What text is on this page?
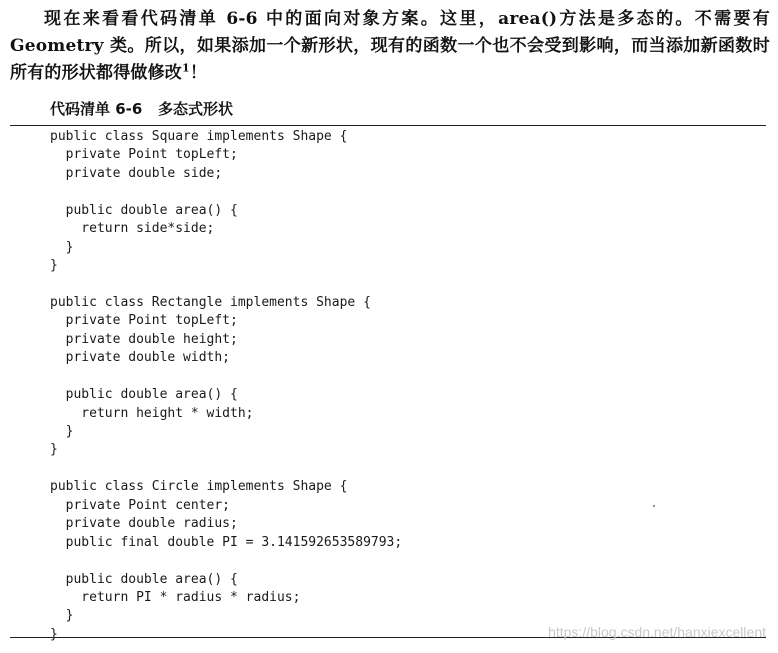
现在来看看代码清单 6-6 中的面向对象方案。这里，area()方法是多态的。不需要有 Geometry 类。所以，如果添加一个新形状，现有的函数一个也不会受到影响，而当添加新函数时所有的形状都得做修改$^1$！

代码清单 6-6   多态式形状
public class Square implements Shape {
private Point topLeft;
private double side;

public double area() {
return side*side;
}
}

public class Rectangle implements Shape {
private Point topLeft;
private double height;
private double width;

public double area() {
return height * width;
}
}

public class Circle implements Shape {
private Point center;
private double radius;
public final double PI = 3.141592653589793;

public double area() {
return PI * radius * radius;
}
}	https://blog.csdn.net/hanxiexcellent
